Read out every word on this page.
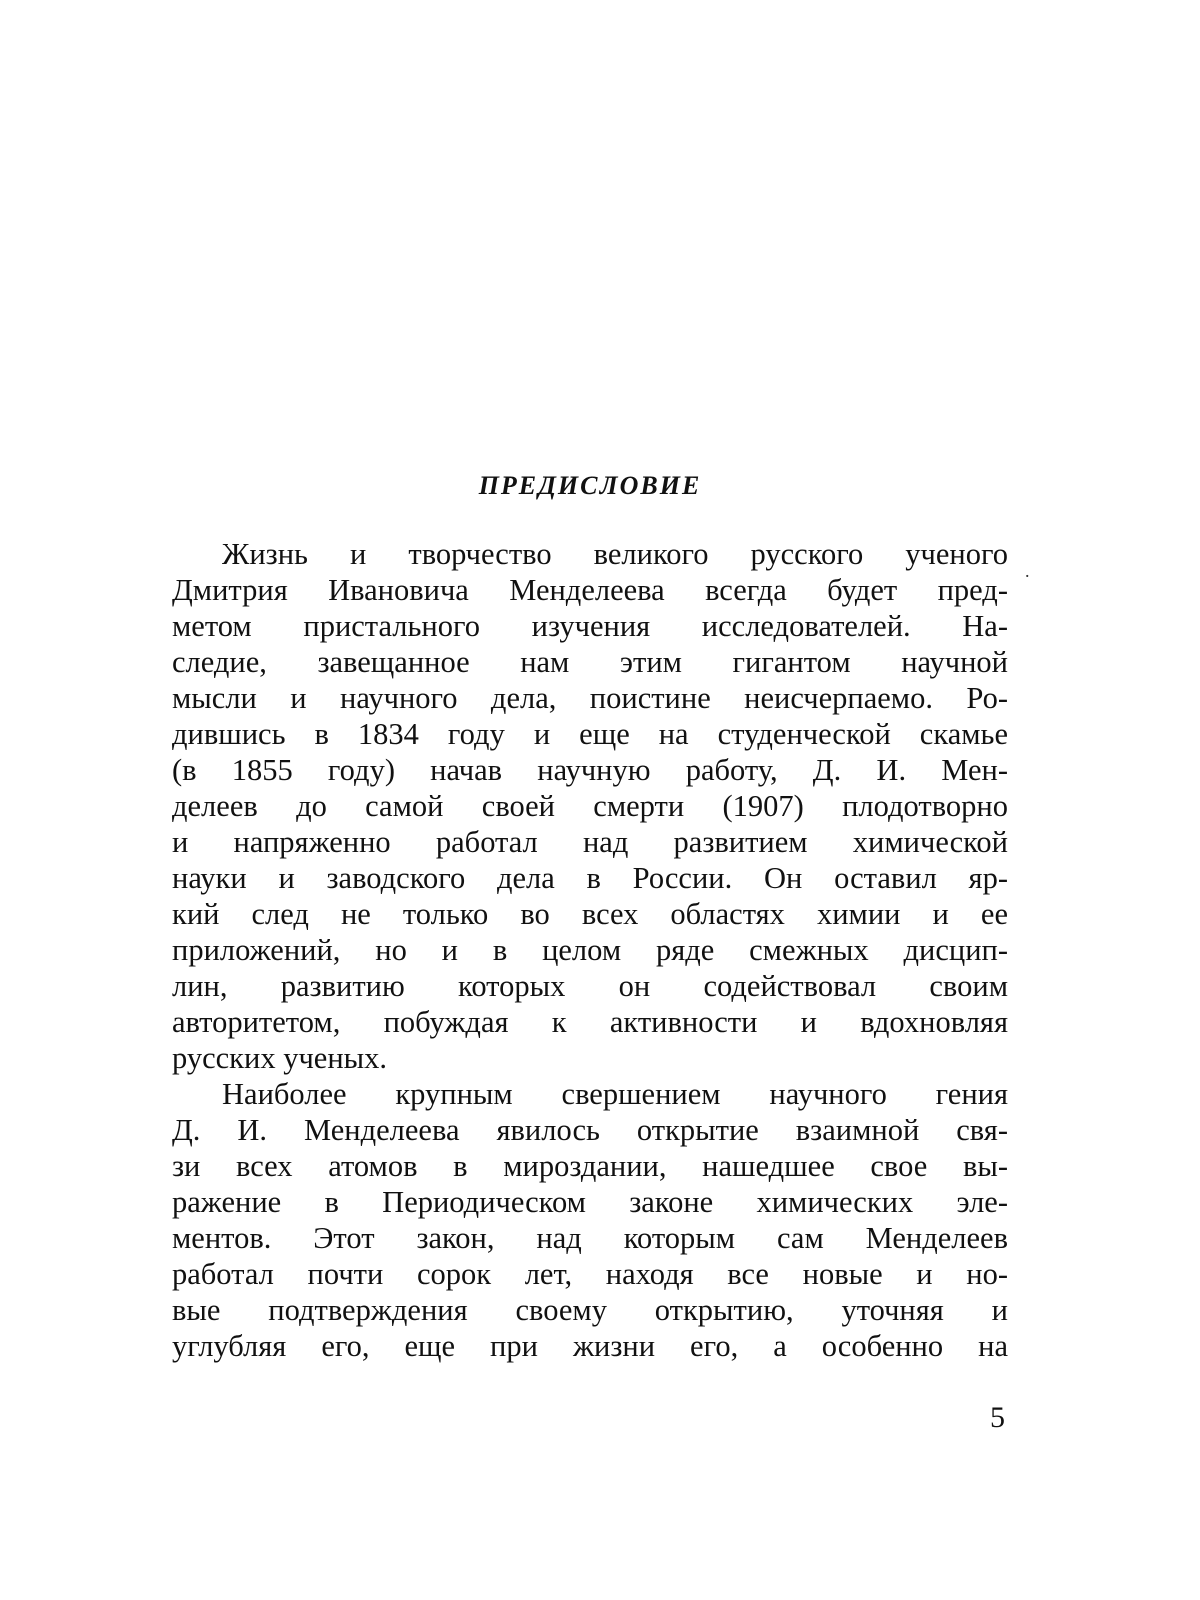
ПРЕДИСЛОВИЕ
.
Жизнь и творчество великого русского ученого
Дмитрия Ивановича Менделеева всегда будет пред-
метом пристального изучения исследователей. На-
следие, завещанное нам этим гигантом научной
мысли и научного дела, поистине неисчерпаемо. Ро-
дившись в 1834 году и еще на студенческой скамье
(в 1855 году) начав научную работу, Д. И. Мен-
делеев до самой своей смерти (1907) плодотворно
и напряженно работал над развитием химической
науки и заводского дела в России. Он оставил яр-
кий след не только во всех областях химии и ее
приложений, но и в целом ряде смежных дисцип-
лин, развитию которых он содействовал своим
авторитетом, побуждая к активности и вдохновляя
русских ученых.
Наиболее крупным свершением научного гения
Д. И. Менделеева явилось открытие взаимной свя-
зи всех атомов в мироздании, нашедшее свое вы-
ражение в Периодическом законе химических эле-
ментов. Этот закон, над которым сам Менделеев
работал почти сорок лет, находя все новые и но-
вые подтверждения своему открытию, уточняя и
углубляя его, еще при жизни его, а особенно на
5
